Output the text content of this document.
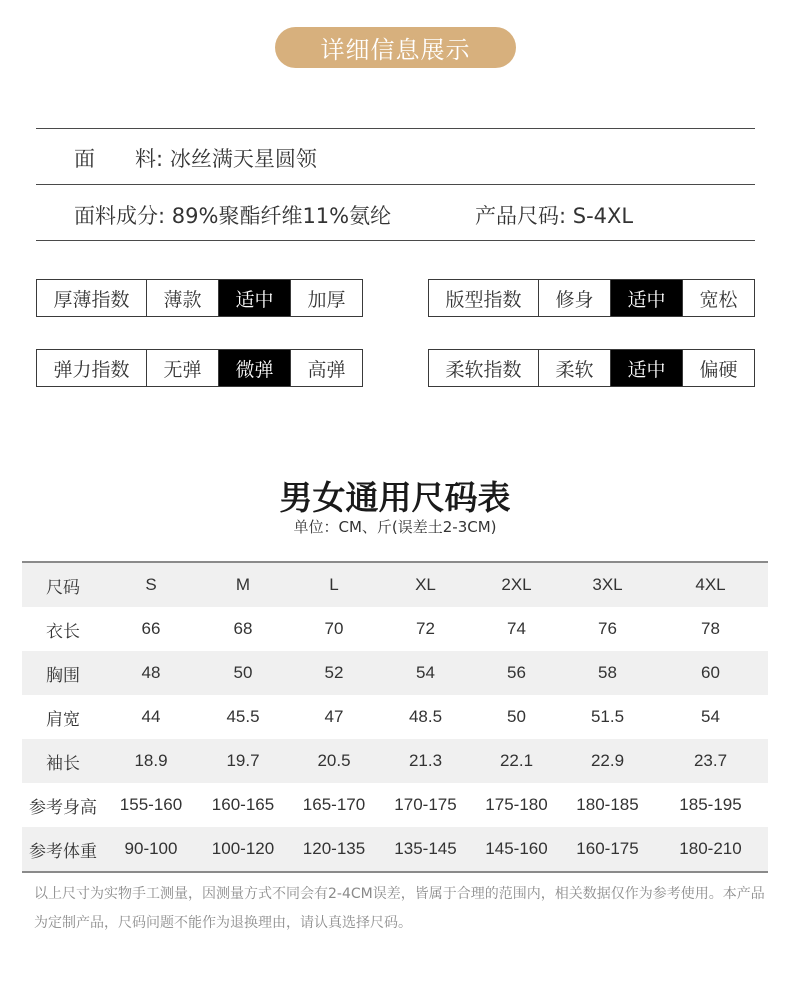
详细信息展示
面      料: 冰丝满天星圆领
面料成分: 89%聚酯纤维11%氨纶	产品尺码: S-4XL
厚薄指数	薄款	适中	加厚	版型指数	修身	适中	宽松
弹力指数	无弹	微弹	高弹	柔软指数	柔软	适中	偏硬
男女通用尺码表
单位：CM、斤(误差土2-3CM)
尺码	S	M	L	XL	2XL	3XL	4XL
衣长	66	68	70	72	74	76	78
胸围	48	50	52	54	56	58	60
肩宽	44	45.5	47	48.5	50	51.5	54
袖长	18.9	19.7	20.5	21.3	22.1	22.9	23.7
参考身高	155-160	160-165	165-170	170-175	175-180	180-185	185-195
参考体重	90-100	100-120	120-135	135-145	145-160	160-175	180-210
以上尺寸为实物手工测量，因测量方式不同会有2-4CM误差，皆属于合理的范围内，相关数据仅作为参考使用。本产品为定制产品，尺码问题不能作为退换理由，请认真选择尺码。
